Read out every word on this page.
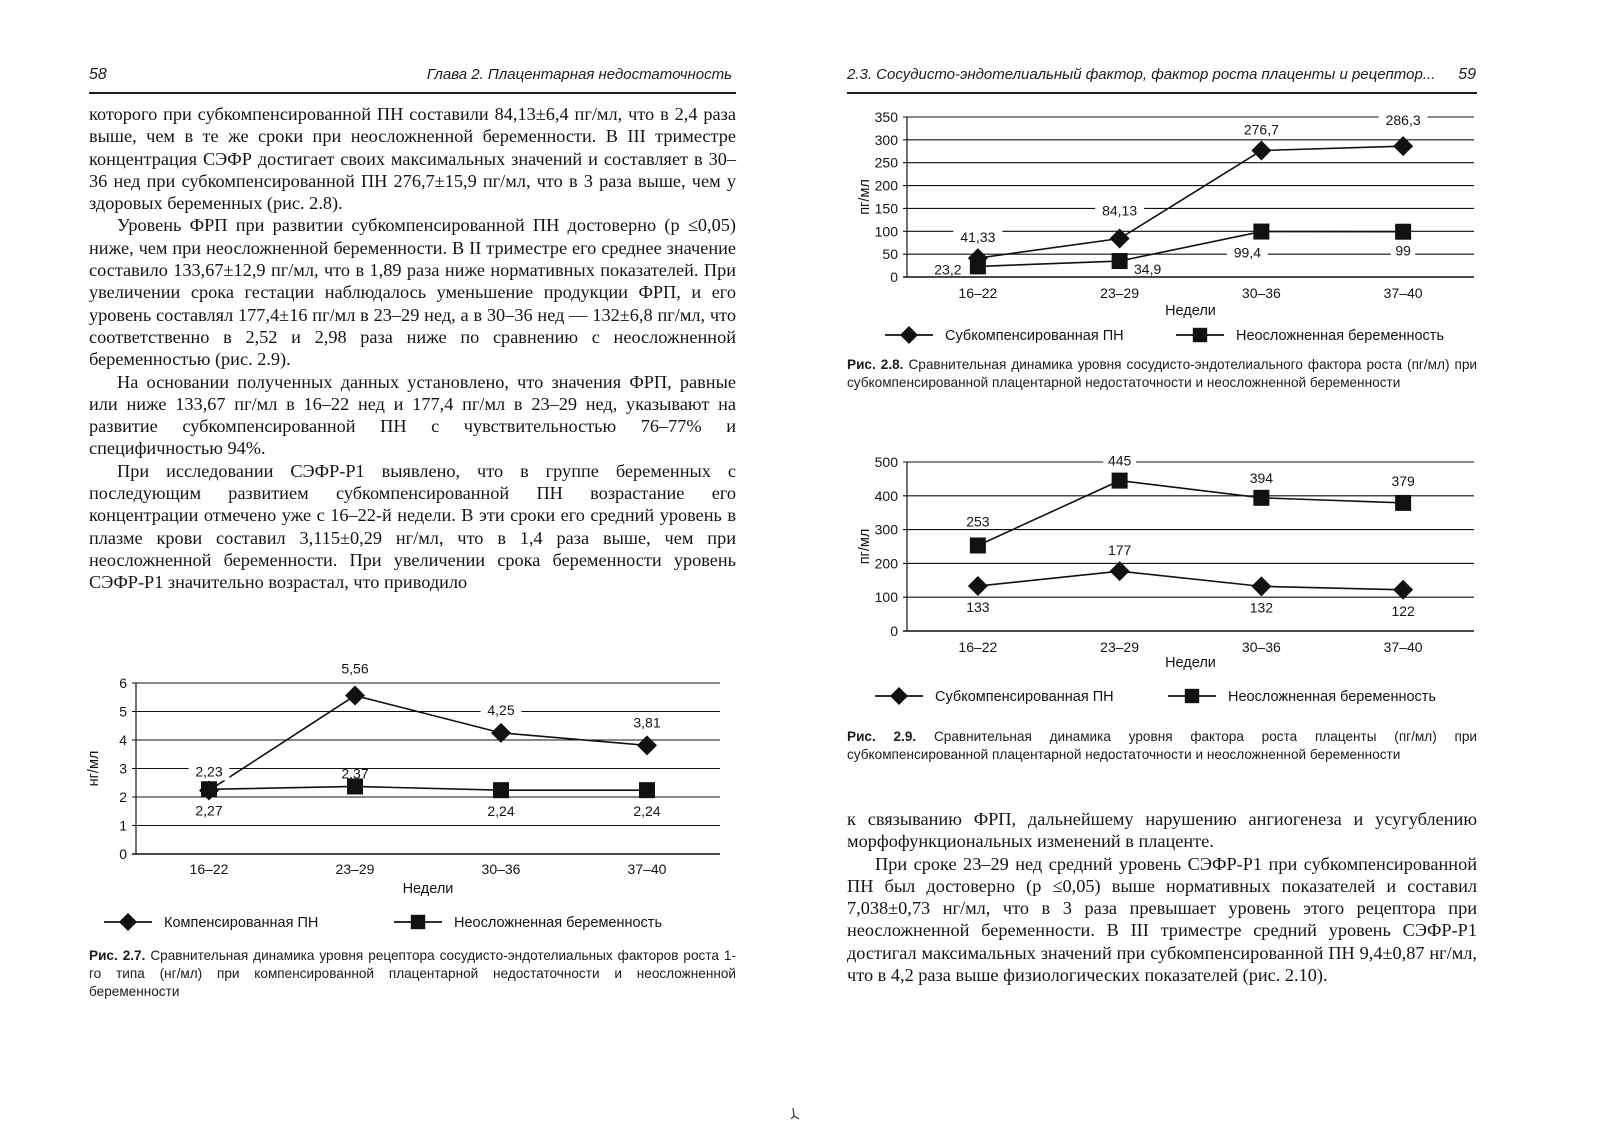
58	Глава 2. Плацентарная недостаточность

которого при субкомпенсированной ПН составили 84,13±6,4 пг/мл, что в 2,4 раза выше, чем в те же сроки при неосложненной беременности. В III триместре концентрация СЭФР достигает своих максимальных значений и составляет в 30–36 нед при субкомпенсированной ПН 276,7±15,9 пг/мл, что в 3 раза выше, чем у здоровых беременных (рис. 2.8).

Уровень ФРП при развитии субкомпенсированной ПН достоверно (р ≤0,05) ниже, чем при неосложненной беременности. В II триместре его среднее значение составило 133,67±12,9 пг/мл, что в 1,89 раза ниже нормативных показателей. При увеличении срока гестации наблюдалось уменьшение продукции ФРП, и его уровень составлял 177,4±16 пг/мл в 23–29 нед, а в 30–36 нед — 132±6,8 пг/мл, что соответственно в 2,52 и 2,98 раза ниже по сравнению с неосложненной беременностью (рис. 2.9).

На основании полученных данных установлено, что значения ФРП, равные или ниже 133,67 пг/мл в 16–22 нед и 177,4 пг/мл в 23–29 нед, указывают на развитие субкомпенсированной ПН с чувствительностью 76–77% и специфичностью 94%.

При исследовании СЭФР-Р1 выявлено, что в группе беременных с последующим развитием субкомпенсированной ПН возрастание его концентрации отмечено уже с 16–22-й недели. В эти сроки его средний уровень в плазме крови составил 3,115±0,29 нг/мл, что в 1,4 раза выше, чем при неосложненной беременности. При увеличении срока беременности уровень СЭФР-Р1 значительно возрастал, что приводило

0
1
2
3
4
5
6
16–22	23–29	30–36	37–40
Недели
нг/мл	2,23
5,56
4,25
3,81
2,27
2,37
2,24	2,24
Компенсированная ПН	Неосложненная беременность
Рис. 2.7. Сравнительная динамика уровня рецептора сосудисто-эндотелиальных факторов роста 1-го типа (нг/мл) при компенсированной плацентарной недостаточности и неосложненной беременности
2.3. Сосудисто-эндотелиальный фактор, фактор роста плаценты и рецептор... 59
0
50
100
150
200
250
300
350
16–22	23–29	30–36	37–40
Недели
пг/мл
41,33
84,13
276,7
286,3
23,2	34,9
99,4	99
Субкомпенсированная ПН	Неосложненная беременность
Рис. 2.8. Сравнительная динамика уровня сосудисто-эндотелиального фактора роста (пг/мл) при субкомпенсированной плацентарной недостаточности и неосложненной беременности
0
100
200
300
400
500
16–22	23–29	30–36	37–40
Недели
пг/мл
133
177
132	122
253
445
394	379
Субкомпенсированная ПН	Неосложненная беременность
Рис. 2.9. Сравнительная динамика уровня фактора роста плаценты (пг/мл) при субкомпенсированной плацентарной недостаточности и неосложненной беременности

к связыванию ФРП, дальнейшему нарушению ангиогенеза и усугублению морфофункциональных изменений в плаценте.

При сроке 23–29 нед средний уровень СЭФР-Р1 при субкомпенсированной ПН был достоверно (р ≤0,05) выше нормативных показателей и составил 7,038±0,73 нг/мл, что в 3 раза превышает уровень этого рецептора при неосложненной беременности. В III триместре средний уровень СЭФР-Р1 достигал максимальных значений при субкомпенсированной ПН 9,4±0,87 нг/мл, что в 4,2 раза выше физиологических показателей (рис. 2.10).
